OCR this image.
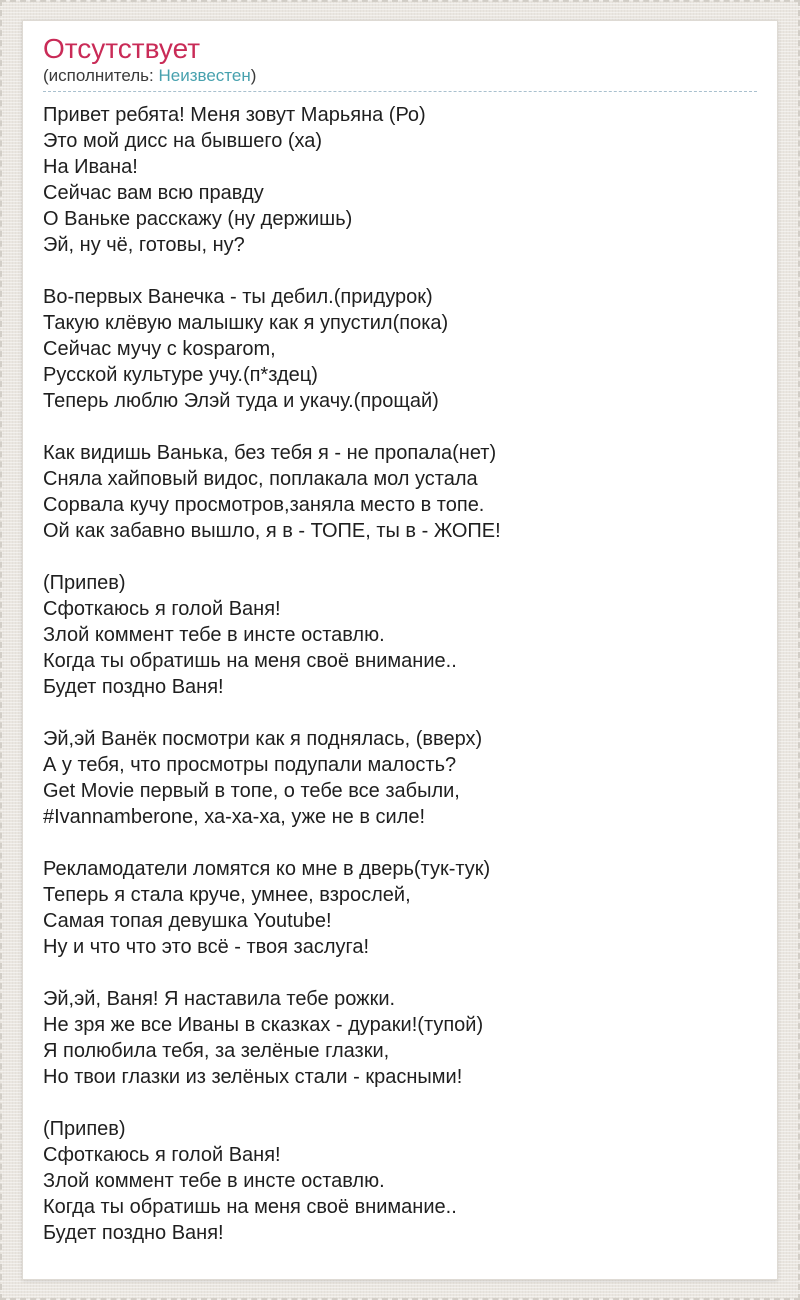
Отсутствует
(исполнитель: Неизвестен)

Привет ребята! Меня зовут Марьяна (Ро)
Это мой дисс на бывшего (ха)
На Ивана!
Сейчас вам всю правду
О Ваньке расскажу (ну держишь)
Эй, ну чё, готовы, ну?

Во-первых Ванечка - ты дебил.(придурок)
Такую клёвую малышку как я упустил(пока)
Сейчас мучу с kosparom,
Русской культуре учу.(п*здец)
Теперь люблю Элэй туда и укачу.(прощай)

Как видишь Ванька, без тебя я - не пропала(нет)
Сняла хайповый видос, поплакала мол устала
Сорвала кучу просмотров,заняла место в топе.
Ой как забавно вышло, я в - ТОПЕ, ты в - ЖОПЕ!

(Припев)
Сфоткаюсь я голой Ваня!
Злой коммент тебе в инсте оставлю.
Когда ты обратишь на меня своё внимание..
Будет поздно Ваня!

Эй,эй Ванёк посмотри как я поднялась, (вверх)
А у тебя, что просмотры подупали малость?
Get Movie первый в топе, о тебе все забыли,
#Ivannamberone, ха-ха-ха, уже не в силе!

Рекламодатели ломятся ко мне в дверь(тук-тук)
Теперь я стала круче, умнее, взрослей,
Самая топая девушка Youtube!
Ну и что что это всё - твоя заслуга!

Эй,эй, Ваня! Я наставила тебе рожки.
Не зря же все Иваны в сказках - дураки!(тупой)
Я полюбила тебя, за зелёные глазки,
Но твои глазки из зелёных стали - красными!

(Припев)
Сфоткаюсь я голой Ваня!
Злой коммент тебе в инсте оставлю.
Когда ты обратишь на меня своё внимание..
Будет поздно Ваня!
